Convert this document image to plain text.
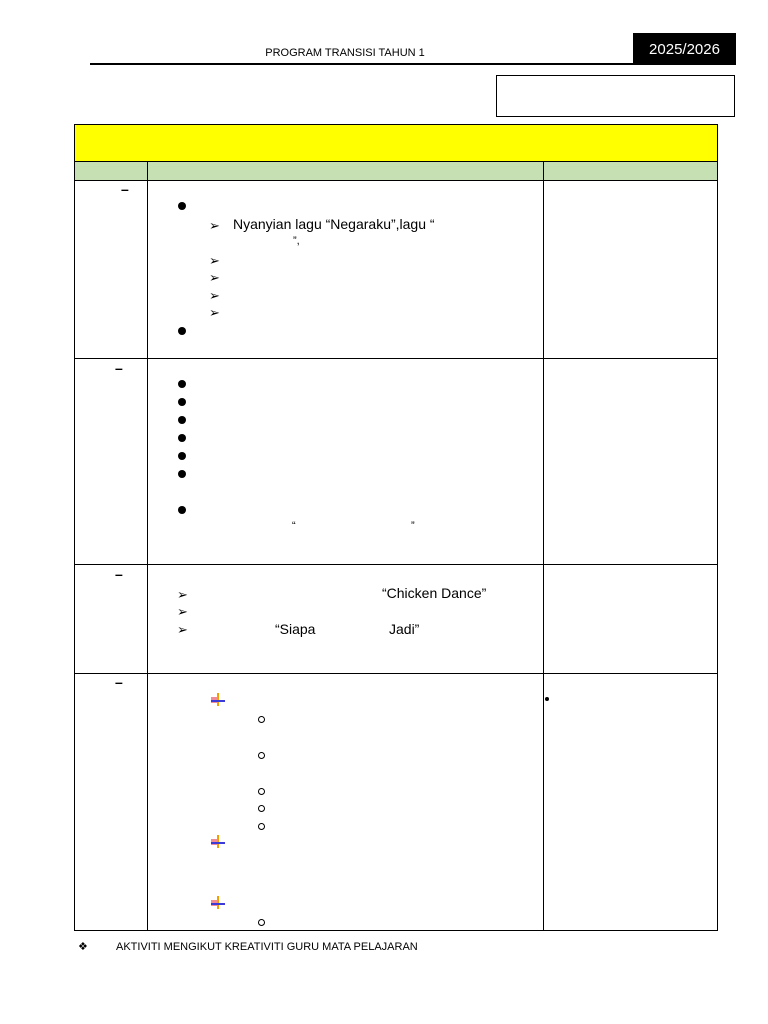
PROGRAM TRANSISI TAHUN 1	2025/2026
–
➢ Nyanyian lagu “Negaraku”,lagu “
”,
➢
➢
➢
➢
–
“	”
–
➢	“Chicken Dance”
➢
➢	“Siapa	Jadi”
–
❖	AKTIVITI MENGIKUT KREATIVITI GURU MATA PELAJARAN
